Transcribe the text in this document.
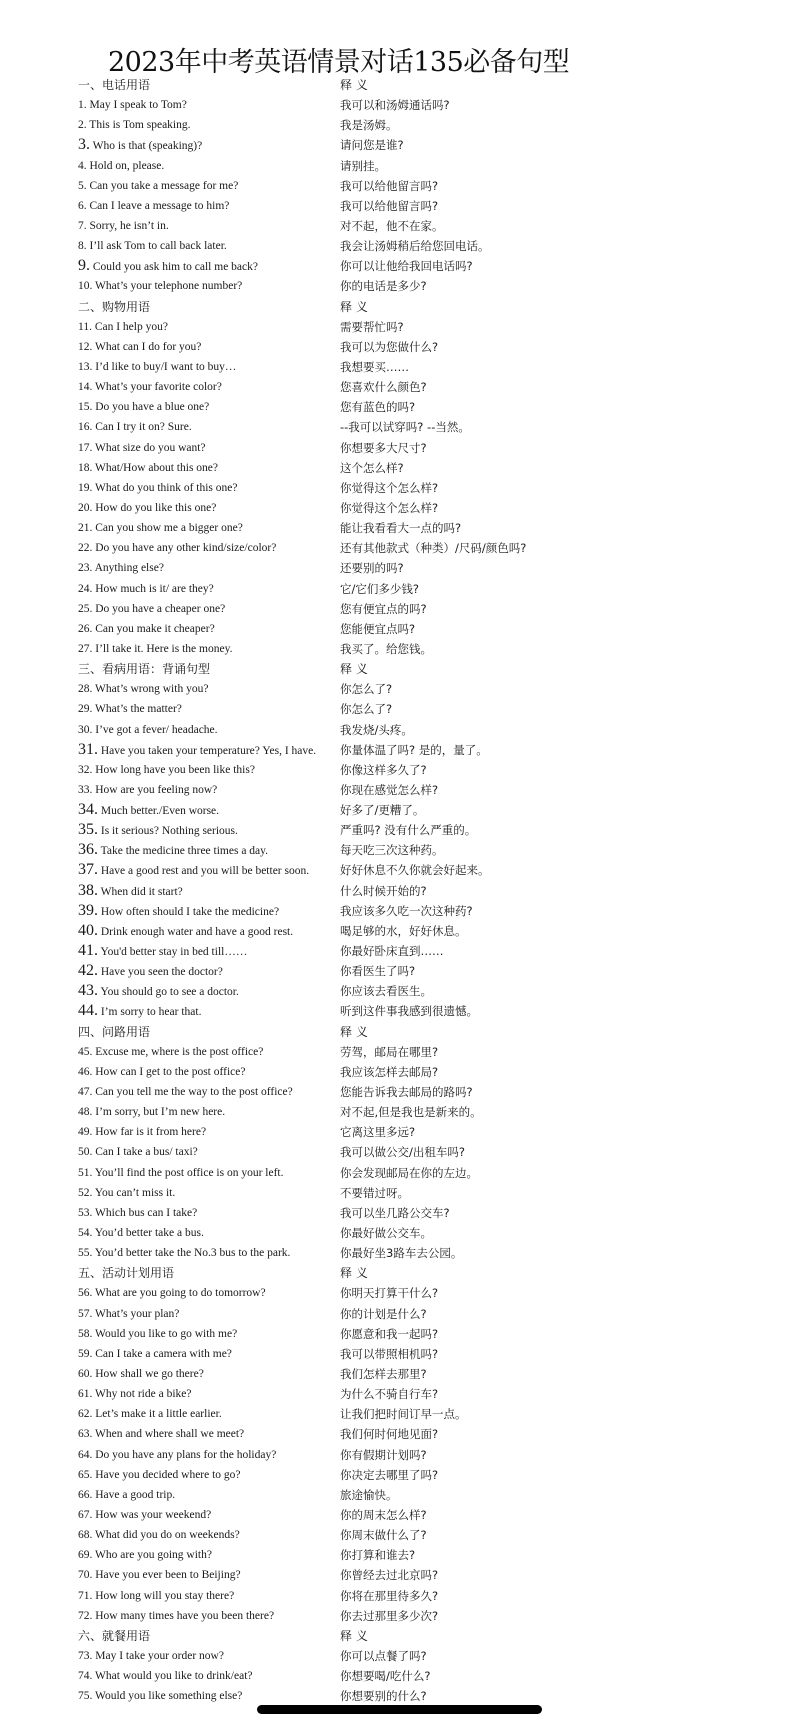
2023年中考英语情景对话135必备句型
一、电话用语	释 义
1. May I speak to Tom?	我可以和汤姆通话吗?
2. This is Tom speaking.	我是汤姆。
3. Who is that (speaking)?	请问您是谁?
4. Hold on, please.	请别挂。
5. Can you take a message for me?	我可以给他留言吗?
6. Can I leave a message to him?	我可以给他留言吗?
7. Sorry, he isn’t in.	对不起，他不在家。
8. I’ll ask Tom to call back later.	我会让汤姆稍后给您回电话。
9. Could you ask him to call me back?	你可以让他给我回电话吗?
10. What’s your telephone number?	你的电话是多少?
二、购物用语	释 义
11. Can I help you?	需要帮忙吗?
12. What can I do for you?	我可以为您做什么?
13. I’d like to buy/I want to buy…	我想要买……
14. What’s your favorite color?	您喜欢什么颜色?
15. Do you have a blue one?	您有蓝色的吗?
16. Can I try it on? Sure.	--我可以试穿吗? --当然。
17. What size do you want?	你想要多大尺寸?
18. What/How about this one?	这个怎么样?
19. What do you think of this one?	你觉得这个怎么样?
20. How do you like this one?	你觉得这个怎么样?
21. Can you show me a bigger one?	能让我看看大一点的吗?
22. Do you have any other kind/size/color?	还有其他款式（种类）/尺码/颜色吗?
23. Anything else?	还要别的吗?
24. How much is it/ are they?	它/它们多少钱?
25. Do you have a cheaper one?	您有便宜点的吗?
26. Can you make it cheaper?	您能便宜点吗?
27. I’ll take it. Here is the money.	我买了。给您钱。
三、看病用语：背诵句型	释 义
28. What’s wrong with you?	你怎么了?
29. What’s the matter?	你怎么了?
30. I’ve got a fever/ headache.	我发烧/头疼。
31. Have you taken your temperature? Yes, I have. 你量体温了吗? 是的，量了。
32. How long have you been like this?	你像这样多久了?
33. How are you feeling now?	你现在感觉怎么样?
34. Much better./Even worse.	好多了/更糟了。
35. Is it serious? Nothing serious.	严重吗? 没有什么严重的。
36. Take the medicine three times a day.	每天吃三次这种药。
37. Have a good rest and you will be better soon.	好好休息不久你就会好起来。
38. When did it start?	什么时候开始的?
39. How often should I take the medicine?	我应该多久吃一次这种药?
40. Drink enough water and have a good rest.	喝足够的水，好好休息。
41. You'd better stay in bed till……	你最好卧床直到……
42. Have you seen the doctor?	你看医生了吗?
43. You should go to see a doctor.	你应该去看医生。
44. I’m sorry to hear that.	听到这件事我感到很遗憾。
四、问路用语	释 义
45. Excuse me, where is the post office?	劳驾，邮局在哪里?
46. How can I get to the post office?	我应该怎样去邮局?
47. Can you tell me the way to the post office?	您能告诉我去邮局的路吗?
48. I’m sorry, but I’m new here.	对不起,但是我也是新来的。
49. How far is it from here?	它离这里多远?
50. Can I take a bus/ taxi?	我可以做公交/出租车吗?
51. You’ll find the post office is on your left.	你会发现邮局在你的左边。
52. You can’t miss it.	不要错过呀。
53. Which bus can I take?	我可以坐几路公交车?
54. You’d better take a bus.	你最好做公交车。
55. You’d better take the No.3 bus to the park.	你最好坐3路车去公园。
五、活动计划用语	释 义
56. What are you going to do tomorrow?	你明天打算干什么?
57. What’s your plan?	你的计划是什么?
58. Would you like to go with me?	你愿意和我一起吗?
59. Can I take a camera with me?	我可以带照相机吗?
60. How shall we go there?	我们怎样去那里?
61. Why not ride a bike?	为什么不骑自行车?
62. Let’s make it a little earlier.	让我们把时间订早一点。
63. When and where shall we meet?	我们何时何地见面?
64. Do you have any plans for the holiday?	你有假期计划吗?
65. Have you decided where to go?	你决定去哪里了吗?
66. Have a good trip.	旅途愉快。
67. How was your weekend?	你的周末怎么样?
68. What did you do on weekends?	你周末做什么了?
69. Who are you going with?	你打算和谁去?
70. Have you ever been to Beijing?	你曾经去过北京吗?
71. How long will you stay there?	你将在那里待多久?
72. How many times have you been there?	你去过那里多少次?
六、就餐用语	释 义
73. May I take your order now?	你可以点餐了吗?
74. What would you like to drink/eat?	你想要喝/吃什么?
75. Would you like something else?	你想要别的什么?
